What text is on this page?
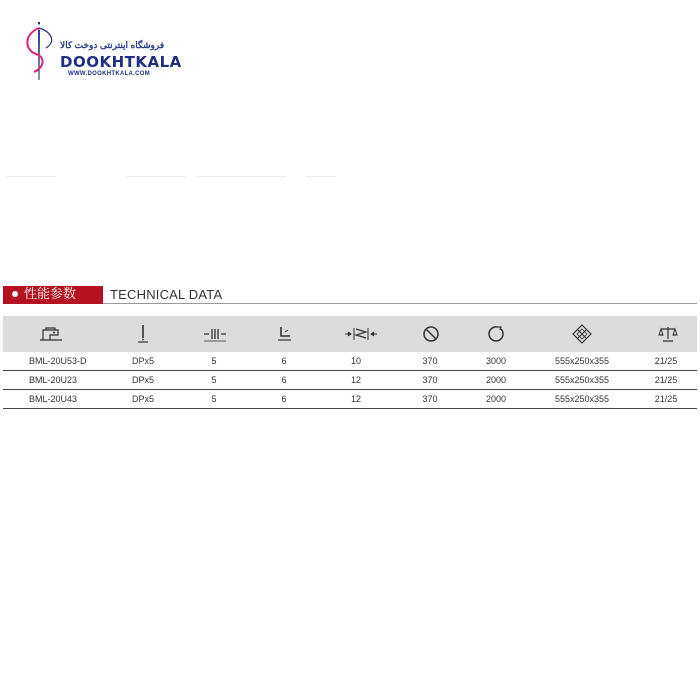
فروشگاه اینترنتی دوخت کالا
DOOKHTKALA
WWW.DOOKHTKALA.COM
性能参数	TECHNICAL DATA
BML-20U53-D	DPx5	5	6	10	370	3000	555x250x355	21/25
BML-20U23	DPx5	5	6	12	370	2000	555x250x355	21/25
BML-20U43	DPx5	5	6	12	370	2000	555x250x355	21/25
